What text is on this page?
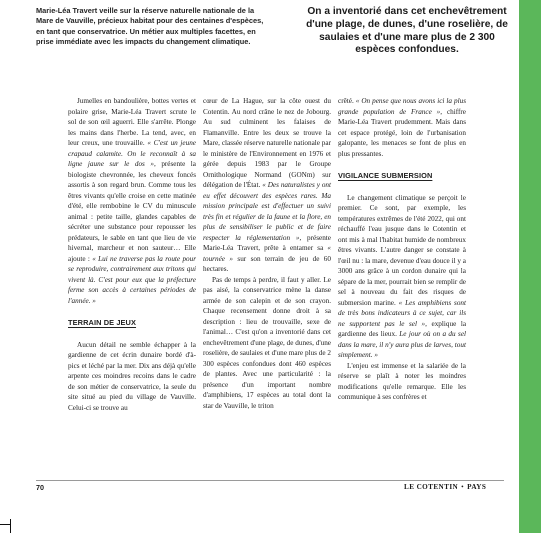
Marie-Léa Travert veille sur la réserve naturelle nationale de la Mare de Vauville, précieux habitat pour des centaines d'espèces, en tant que conservatrice. Un métier aux multiples facettes, en prise immédiate avec les impacts du changement climatique.
On a inventorié dans cet enchevêtrement d'une plage, de dunes, d'une roselière, de saulaies et d'une mare plus de 2 300 espèces confondues.

Jumelles en bandoulière, bottes vertes et polaire grise, Marie-Léa Travert scrute le sol de son œil aguerri. Elle s'arrête. Plonge les mains dans l'herbe. La tend, avec, en leur creux, une trouvaille. « C'est un jeune crapaud calamite. On le reconnaît à sa ligne jaune sur le dos », présente la biologiste chevronnée, les cheveux foncés assortis à son regard brun. Comme tous les êtres vivants qu'elle croise en cette matinée d'été, elle rembobine le CV du minuscule animal : petite taille, glandes capables de sécréter une substance pour repousser les prédateurs, le sable en tant que lieu de vie hivernal, marcheur et non sauteur… Elle ajoute : « Lui ne traverse pas la route pour se reproduire, contrairement aux tritons qui vivent là. C'est pour eux que la préfecture ferme son accès à certaines périodes de l'année. »

TERRAIN DE JEUX

Aucun détail ne semble échapper à la gardienne de cet écrin dunaire bordé d'à-pics et léché par la mer. Dix ans déjà qu'elle arpente ces moindres recoins dans le cadre de son métier de conservatrice, la seule du site situé au pied du village de Vauville. Celui-ci se trouve au

cœur de La Hague, sur la côte ouest du Cotentin. Au nord crâne le nez de Jobourg. Au sud culminent les falaises de Flamanville. Entre les deux se trouve la Mare, classée réserve naturelle nationale par le ministère de l'Environnement en 1976 et gérée depuis 1983 par le Groupe Ornithologique Normand (GONm) sur délégation de l'État. « Des naturalistes y ont eu effet découvert des espèces rares. Ma mission principale est d'effectuer un suivi très fin et régulier de la faune et la flore, en plus de sensibiliser le public et de faire respecter la réglementation », présente Marie-Léa Travert, prête à entamer sa « tournée » sur son terrain de jeu de 60 hectares.

Pas de temps à perdre, il faut y aller. Le pas aisé, la conservatrice mène la danse armée de son calepin et de son crayon. Chaque recensement donne droit à sa description : lieu de trouvaille, sexe de l'animal… C'est qu'on a inventorié dans cet enchevêtrement d'une plage, de dunes, d'une roselière, de saulaies et d'une mare plus de 2 300 espèces confondues dont 460 espèces de plantes. Avec une particularité : la présence d'un important nombre d'amphibiens, 17 espèces au total dont la star de Vauville, le triton

crêté. « On pense que nous avons ici la plus grande population de France », chiffre Marie-Léa Travert prudemment. Mais dans cet espace protégé, loin de l'urbanisation galopante, les menaces se font de plus en plus pressantes.

VIGILANCE SUBMERSION

Le changement climatique se perçoit le premier. Ce sont, par exemple, les températures extrêmes de l'été 2022, qui ont réchauffé l'eau jusque dans le Cotentin et ont mis à mal l'habitat humide de nombreux êtres vivants. L'autre danger se constate à l'œil nu : la mare, devenue d'eau douce il y a 3000 ans grâce à un cordon dunaire qui la sépare de la mer, pourrait bien se remplir de sel à nouveau du fait des risques de submersion marine. « Les amphibiens sont de très bons indicateurs à ce sujet, car ils ne supportent pas le sel », explique la gardienne des lieux. Le jour où on a du sel dans la mare, il n'y aura plus de larves, tout simplement. »

L'enjeu est immense et la salariée de la réserve se plaît à noter les moindres modifications qu'elle remarque. Elle les communique à ses confrères et

70	LE COTENTIN • PAYS
